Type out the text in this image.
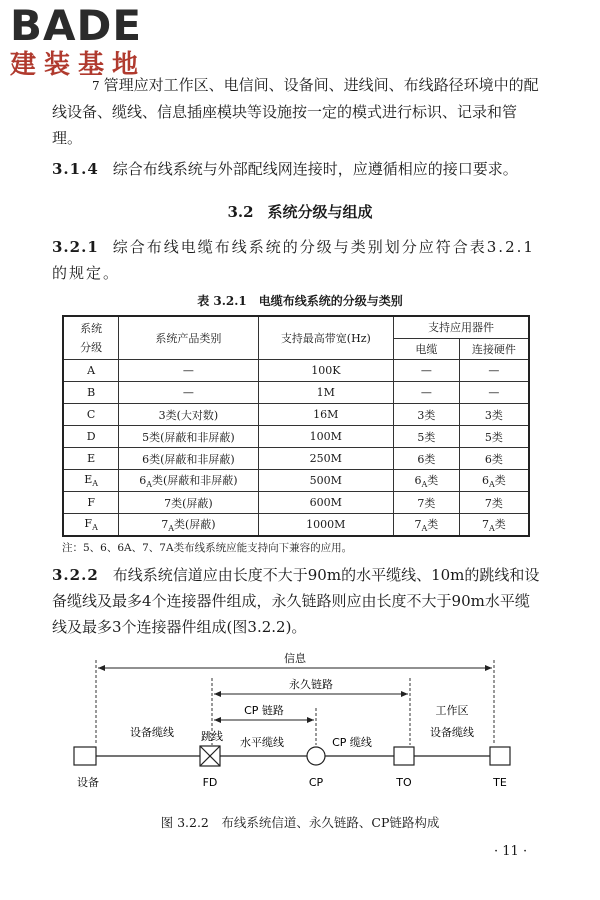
BADE
建装基地
7 管理应对工作区、电信间、设备间、进线间、布线路径环境中的配线设备、缆线、信息插座模块等设施按一定的模式进行标识、记录和管理。
3.1.4 综合布线系统与外部配线网连接时，应遵循相应的接口要求。
3.2 系统分级与组成
3.2.1 综合布线电缆布线系统的分级与类别划分应符合表3.2.1的规定。
表 3.2.1　电缆布线系统的分级与类别
系统
分级	系统产品类别	支持最高带宽(Hz)	支持应用器件	
			电缆	连接硬件
A	—	100K	—	—
B	—	1M	—	—
C	3类(大对数)	16M	3类	3类
D	5类(屏蔽和非屏蔽)	100M	5类	5类
E	6类(屏蔽和非屏蔽)	250M	6类	6类
$E_A$	$6_A$类(屏蔽和非屏蔽)	500M	$6_A$类	$6_A$类
F	7类(屏蔽)	600M	7类	7类
$F_A$	$7_A$类(屏蔽)	1000M	$7_A$类	$7_A$类
注：5、6、6A、7、7A类布线系统应能支持向下兼容的应用。
3.2.2 布线系统信道应由长度不大于90m的水平缆线、10m的跳线和设备缆线及最多4个连接器件组成，永久链路则应由长度不大于90m水平缆线及最多3个连接器件组成(图3.2.2)。
信息
永久链路
CP 链路
设备缆线 跳线 水平缆线	CP 缆线
工作区
设备缆线
设备	FD	CP	TO	TE
图 3.2.2　布线系统信道、永久链路、CP链路构成
· 11 ·
